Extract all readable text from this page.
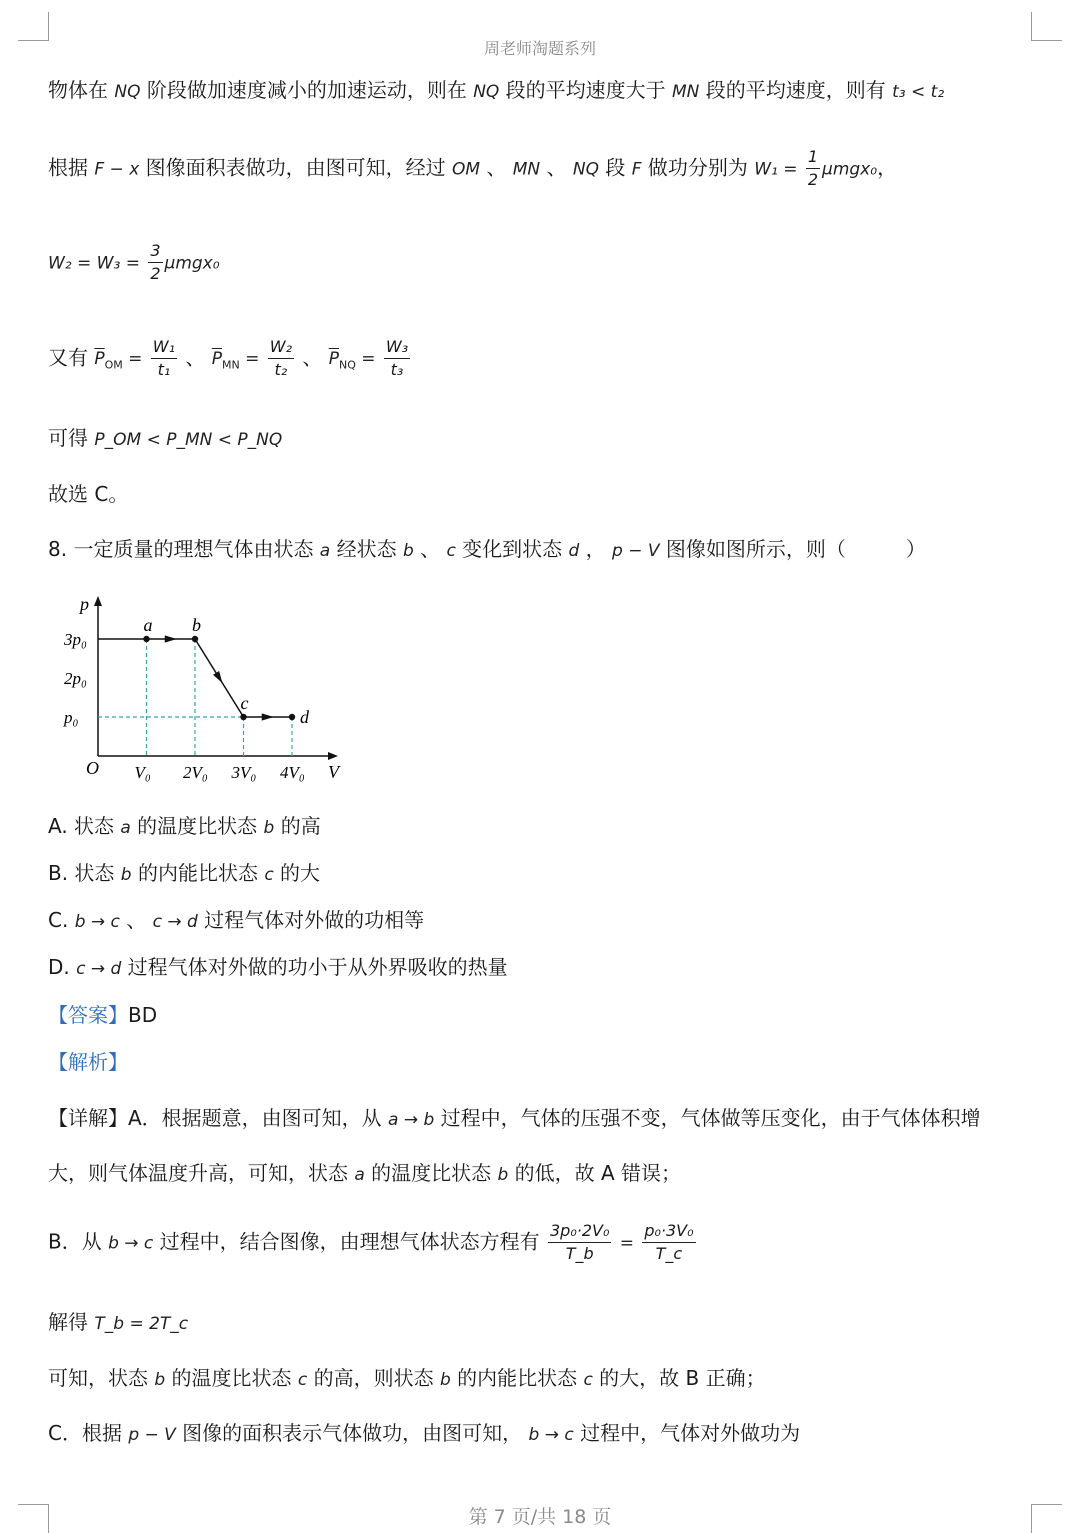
周老师淘题系列
物体在 NQ 阶段做加速度减小的加速运动，则在 NQ 段的平均速度大于 MN 段的平均速度，则有 t₃ < t₂
根据 F − x 图像面积表做功，由图可知，经过 OM 、 MN 、 NQ 段 F 做功分别为 $W_1 = \frac{1}{2} \mu mgx_0$，
$W_2 = W_3 = \frac{3}{2} \mu mgx_0$
又有 $\overline{P}_{OM} = \frac{\text{W₁}}{\text{t₁}}$ 、 $\overline{P}_{MN} = \frac{\text{W₂}}{\text{t₂}}$ 、 $\overline{P}_{NQ} = \frac{\text{W₃}}{\text{t₃}}$
可得 P_OM < P_MN < P_NQ
故选 C。
8. 一定质量的理想气体由状态 a 经状态 b 、 c 变化到状态 d ， p − V 图像如图所示，则（　　　）
p
V
O V₀ 2V₀ 3V₀ 4V₀
p₀
2p₀
3p₀
a b
c
d
A. 状态 a 的温度比状态 b 的高
B. 状态 b 的内能比状态 c 的大
C. b → c 、 c → d 过程气体对外做的功相等
D. c → d 过程气体对外做的功小于从外界吸收的热量
【答案】BD
【解析】
【详解】A．根据题意，由图可知，从 a → b 过程中，气体的压强不变，气体做等压变化，由于气体体积增
大，则气体温度升高，可知，状态 a 的温度比状态 b 的低，故 A 错误；
B．从 b → c 过程中，结合图像，由理想气体状态方程有 $\frac{\text{3p₀·2V₀}}{T\_b} = \frac{\text{p₀·3V₀}}{T\_c}$
解得 T_b = 2T_c
可知，状态 b 的温度比状态 c 的高，则状态 b 的内能比状态 c 的大，故 B 正确；
C．根据 p − V 图像的面积表示气体做功，由图可知， b → c 过程中，气体对外做功为
第 7 页/共 18 页
